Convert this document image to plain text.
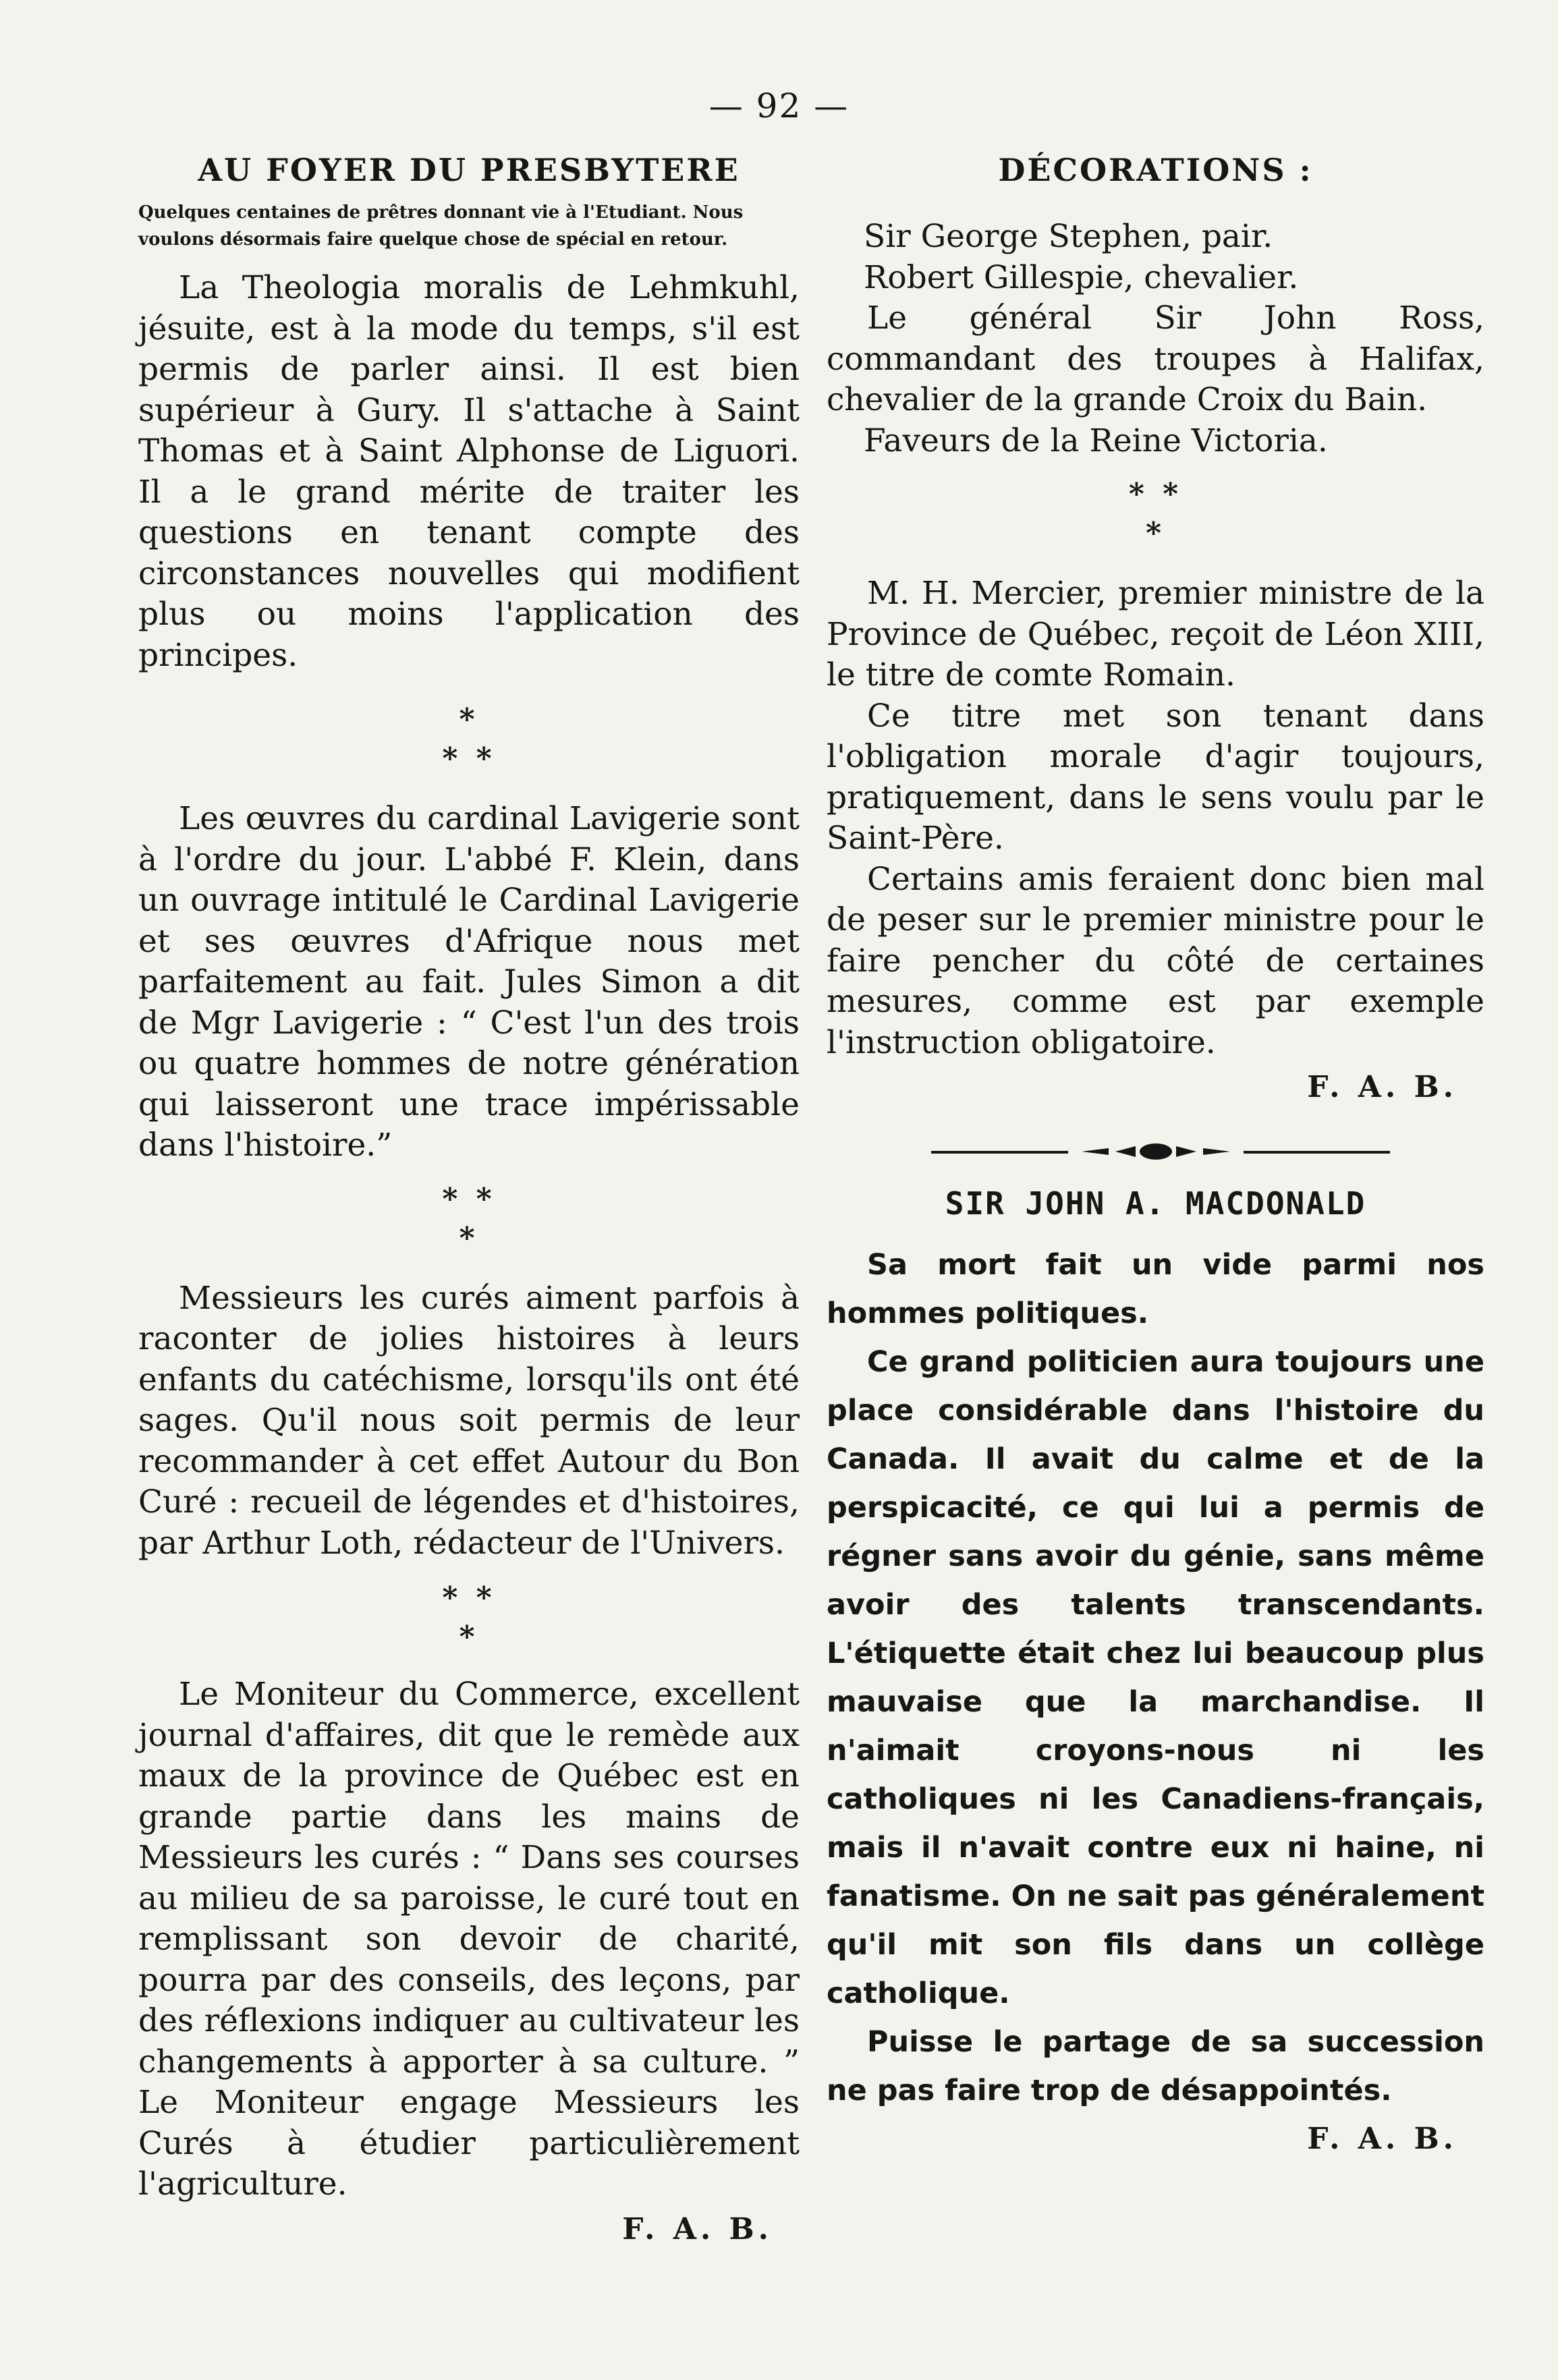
— 92 —
AU FOYER DU PRESBYTERE
Quelques centaines de prêtres donnant vie à l'Etudiant. Nous voulons désormais faire quelque chose de spécial en retour.

La Theologia moralis de Lehmkuhl, jésuite, est à la mode du temps, s'il est permis de parler ainsi. Il est bien supérieur à Gury. Il s'attache à Saint Thomas et à Saint Alphonse de Liguori. Il a le grand mérite de traiter les questions en tenant compte des circonstances nouvelles qui modifient plus ou moins l'application des principes.

*
* *

Les œuvres du cardinal Lavigerie sont à l'ordre du jour. L'abbé F. Klein, dans un ouvrage intitulé le Cardinal Lavigerie et ses œuvres d'Afrique nous met parfaitement au fait. Jules Simon a dit de Mgr Lavigerie : “ C'est l'un des trois ou quatre hommes de notre génération qui laisseront une trace impérissable dans l'histoire.”

* *
*

Messieurs les curés aiment parfois à raconter de jolies histoires à leurs enfants du catéchisme, lorsqu'ils ont été sages. Qu'il nous soit permis de leur recommander à cet effet Autour du Bon Curé : recueil de légendes et d'histoires, par Arthur Loth, rédacteur de l'Univers.

* *
*

Le Moniteur du Commerce, excellent journal d'affaires, dit que le remède aux maux de la province de Québec est en grande partie dans les mains de Messieurs les curés : “ Dans ses courses au milieu de sa paroisse, le curé tout en remplissant son devoir de charité, pourra par des conseils, des leçons, par des réflexions indiquer au cultivateur les changements à apporter à sa culture. ” Le Moniteur engage Messieurs les Curés à étudier particulièrement l'agriculture.

F. A. B.
DÉCORATIONS :

Sir George Stephen, pair.

Robert Gillespie, chevalier.

Le général Sir John Ross, commandant des troupes à Halifax, chevalier de la grande Croix du Bain.

Faveurs de la Reine Victoria.

* *
*

M. H. Mercier, premier ministre de la Province de Québec, reçoit de Léon XIII, le titre de comte Romain.

Ce titre met son tenant dans l'obligation morale d'agir toujours, pratiquement, dans le sens voulu par le Saint-Père.

Certains amis feraient donc bien mal de peser sur le premier ministre pour le faire pencher du côté de certaines mesures, comme est par exemple l'instruction obligatoire.

F. A. B.
SIR JOHN A. MACDONALD

Sa mort fait un vide parmi nos hommes politiques.

Ce grand politicien aura toujours une place considérable dans l'histoire du Canada. Il avait du calme et de la perspicacité, ce qui lui a permis de régner sans avoir du génie, sans même avoir des talents transcendants. L'étiquette était chez lui beaucoup plus mauvaise que la marchandise. Il n'aimait croyons-nous ni les catholiques ni les Canadiens-français, mais il n'avait contre eux ni haine, ni fanatisme. On ne sait pas généralement qu'il mit son fils dans un collège catholique.

Puisse le partage de sa succession ne pas faire trop de désappointés.

F. A. B.
